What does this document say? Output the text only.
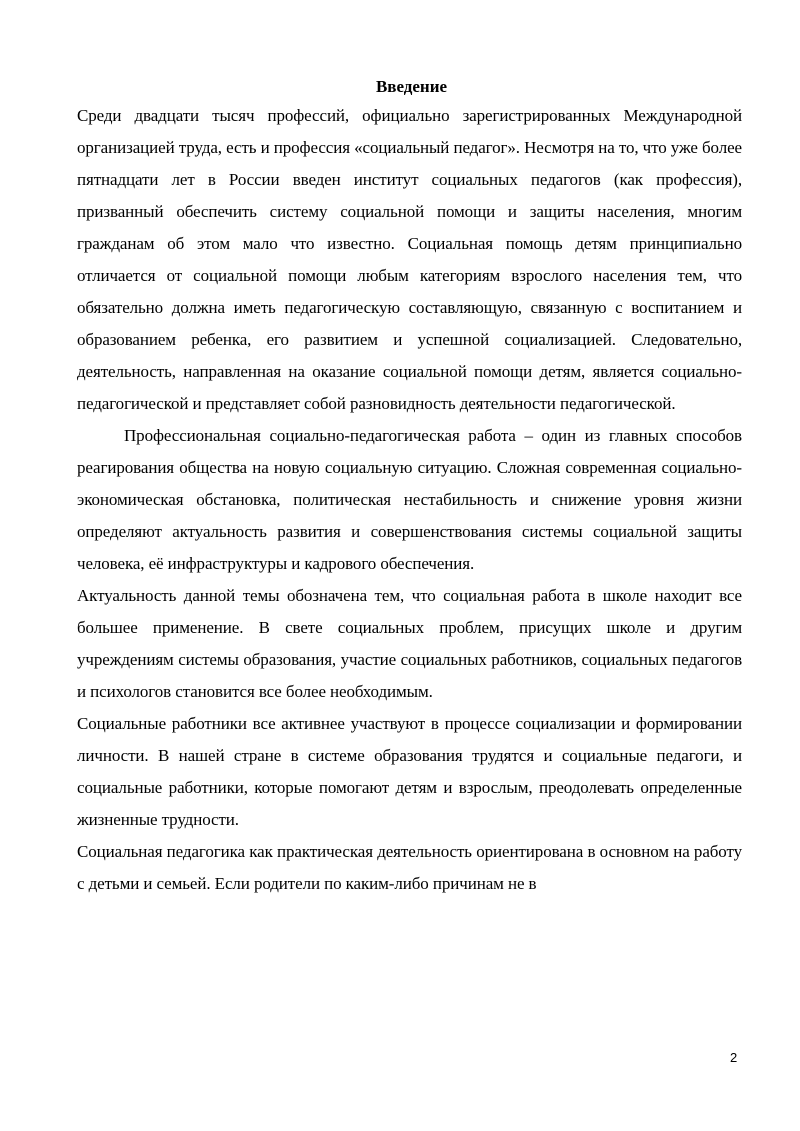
Введение

Среди двадцати тысяч профессий, официально зарегистрированных Международной организацией труда, есть и профессия «социальный педагог». Несмотря на то, что уже более пятнадцати лет в России введен институт социальных педагогов (как профессия), призванный обеспечить систему социальной помощи и защиты населения, многим гражданам об этом мало что известно. Социальная помощь детям принципиально отличается от социальной помощи любым категориям взрослого населения тем, что обязательно должна иметь педагогическую составляющую, связанную с воспитанием и образованием ребенка, его развитием и успешной социализацией. Следовательно, деятельность, направленная на оказание социальной помощи детям, является социально-педагогической и представляет собой разновидность деятельности педагогической.

Профессиональная социально-педагогическая работа – один из главных способов реагирования общества на новую социальную ситуацию. Сложная современная социально-экономическая обстановка, политическая нестабильность и снижение уровня жизни определяют актуальность развития и совершенствования системы социальной защиты человека, её инфраструктуры и кадрового обеспечения.

Актуальность данной темы обозначена тем, что социальная работа в школе находит все большее применение. В свете социальных проблем, присущих школе и другим учреждениям системы образования, участие социальных работников, социальных педагогов и психологов становится все более необходимым.

Социальные работники все активнее участвуют в процессе социализации и формировании личности. В нашей стране в системе образования трудятся и социальные педагоги, и социальные работники, которые помогают детям и взрослым, преодолевать определенные жизненные трудности.

Социальная педагогика как практическая деятельность ориентирована в основном на работу с детьми и семьей. Если родители по каким-либо причинам не в

2
